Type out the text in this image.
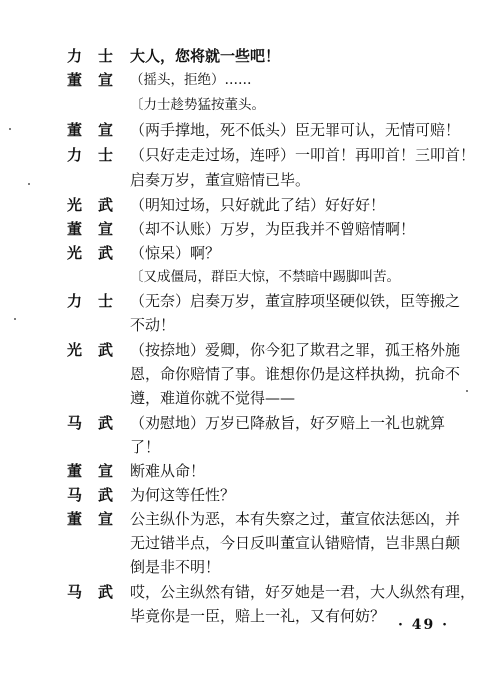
力士 大人，您将就一些吧！
董宣 （摇头，拒绝）……
〔力士趁势猛按董头。
董宣 （两手撑地，死不低头）臣无罪可认，无情可赔！
力士 （只好走走过场，连呼）一叩首！再叩首！三叩首！
启奏万岁，董宣赔情已毕。
光武 （明知过场，只好就此了结）好好好！
董宣 （却不认账）万岁，为臣我并不曾赔情啊！
光武 （惊呆）啊？
〔又成僵局，群臣大惊，不禁暗中踢脚叫苦。
力士 （无奈）启奏万岁，董宣脖项坚硬似铁，臣等搬之
不动！
光武 （按捺地）爱卿，你今犯了欺君之罪，孤王格外施
恩，命你赔情了事。谁想你仍是这样执拗，抗命不
遵，难道你就不觉得——
马武 （劝慰地）万岁已降赦旨，好歹赔上一礼也就算
了！
董宣 断难从命！
马武 为何这等任性？
董宣 公主纵仆为恶，本有失察之过，董宣依法惩凶，并
无过错半点，今日反叫董宣认错赔情，岂非黑白颠
倒是非不明！
马武 哎，公主纵然有错，好歹她是一君，大人纵然有理，
毕竟你是一臣，赔上一礼，又有何妨？ · 49 ·
